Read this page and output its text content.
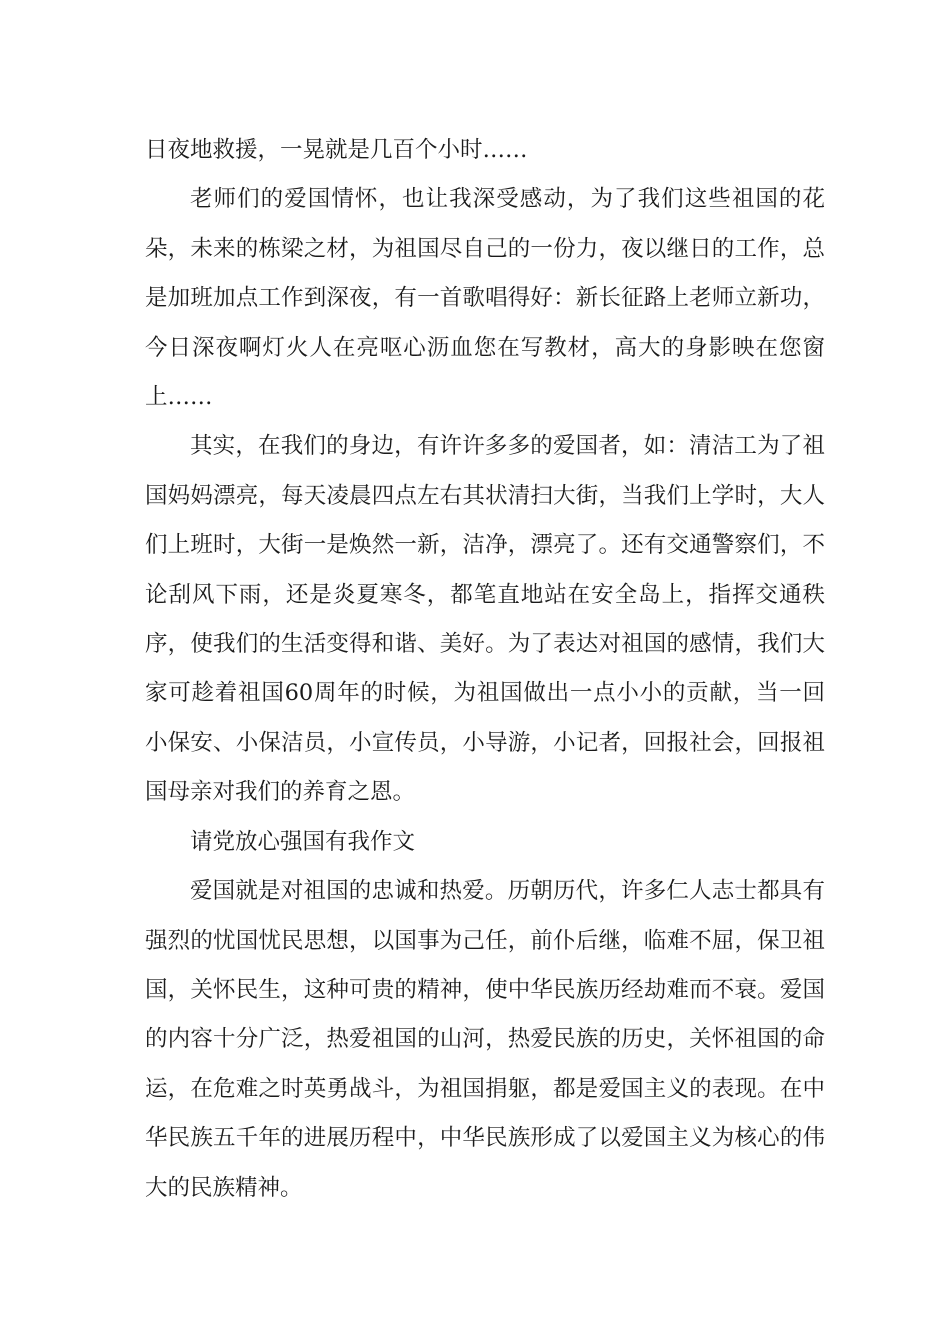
日夜地救援，一晃就是几百个小时……

老师们的爱国情怀，也让我深受感动，为了我们这些祖国的花朵，未来的栋梁之材，为祖国尽自己的一份力，夜以继日的工作，总是加班加点工作到深夜，有一首歌唱得好：新长征路上老师立新功，今日深夜啊灯火人在亮呕心沥血您在写教材，高大的身影映在您窗上……

其实，在我们的身边，有许许多多的爱国者，如：清洁工为了祖国妈妈漂亮，每天凌晨四点左右其状清扫大街，当我们上学时，大人们上班时，大街一是焕然一新，洁净，漂亮了。还有交通警察们，不论刮风下雨，还是炎夏寒冬，都笔直地站在安全岛上，指挥交通秩序，使我们的生活变得和谐、美好。为了表达对祖国的感情，我们大家可趁着祖国60周年的时候，为祖国做出一点小小的贡献，当一回小保安、小保洁员，小宣传员，小导游，小记者，回报社会，回报祖国母亲对我们的养育之恩。

请党放心强国有我作文

爱国就是对祖国的忠诚和热爱。历朝历代，许多仁人志士都具有强烈的忧国忧民思想，以国事为己任，前仆后继，临难不屈，保卫祖国，关怀民生，这种可贵的精神，使中华民族历经劫难而不衰。爱国的内容十分广泛，热爱祖国的山河，热爱民族的历史，关怀祖国的命运，在危难之时英勇战斗，为祖国捐躯，都是爱国主义的表现。在中华民族五千年的进展历程中，中华民族形成了以爱国主义为核心的伟大的民族精神。
